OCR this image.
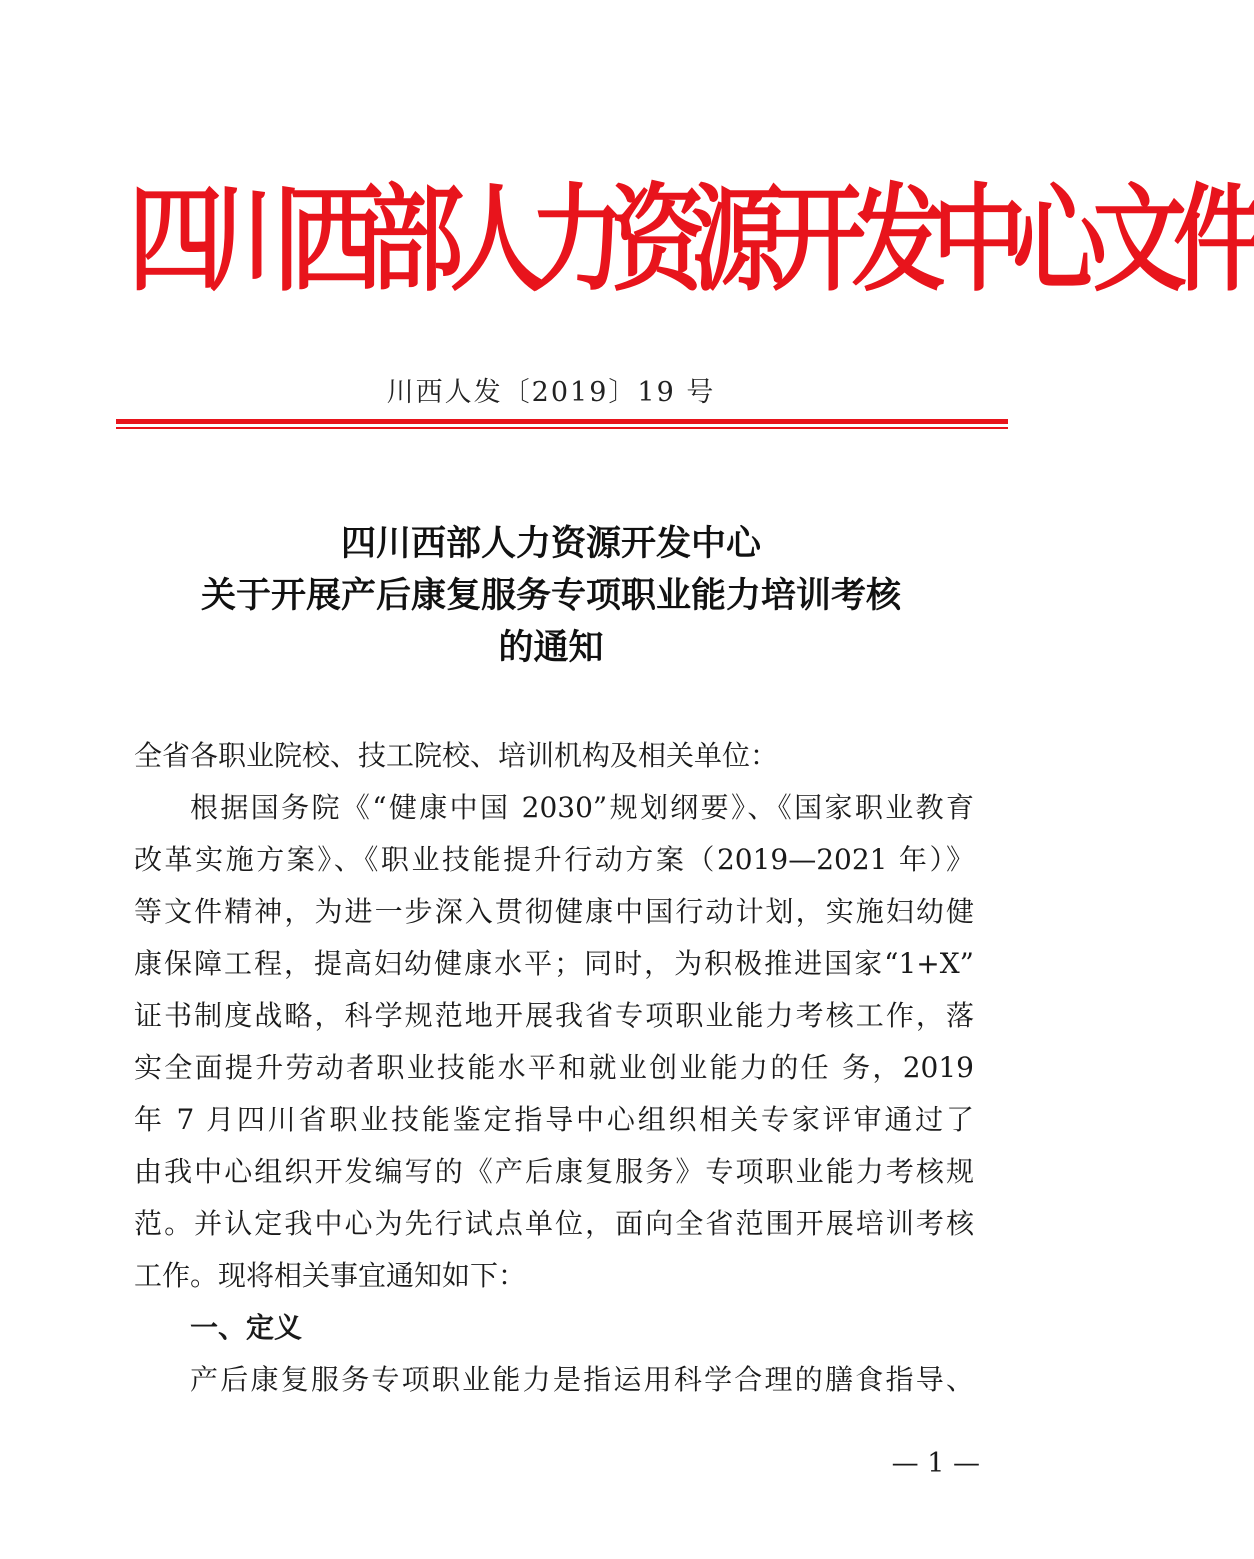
四川西部人力资源开发中心文件
川西人发〔2019〕19 号
四川西部人力资源开发中心
关于开展产后康复服务专项职业能力培训考核
的通知
全省各职业院校、技工院校、培训机构及相关单位：
根据国务院《“健康中国 2030”规划纲要》、《国家职业教育
改革实施方案》、《职业技能提升行动方案（2019—2021 年）》
等文件精神，为进一步深入贯彻健康中国行动计划，实施妇幼健
康保障工程，提高妇幼健康水平；同时，为积极推进国家“1+X”
证书制度战略，科学规范地开展我省专项职业能力考核工作，落
实全面提升劳动者职业技能水平和就业创业能力的任 务，2019
年 7 月四川省职业技能鉴定指导中心组织相关专家评审通过了
由我中心组织开发编写的《产后康复服务》专项职业能力考核规
范。并认定我中心为先行试点单位，面向全省范围开展培训考核
工作。现将相关事宜通知如下：
一、定义
产后康复服务专项职业能力是指运用科学合理的膳食指导、
— 1 —
